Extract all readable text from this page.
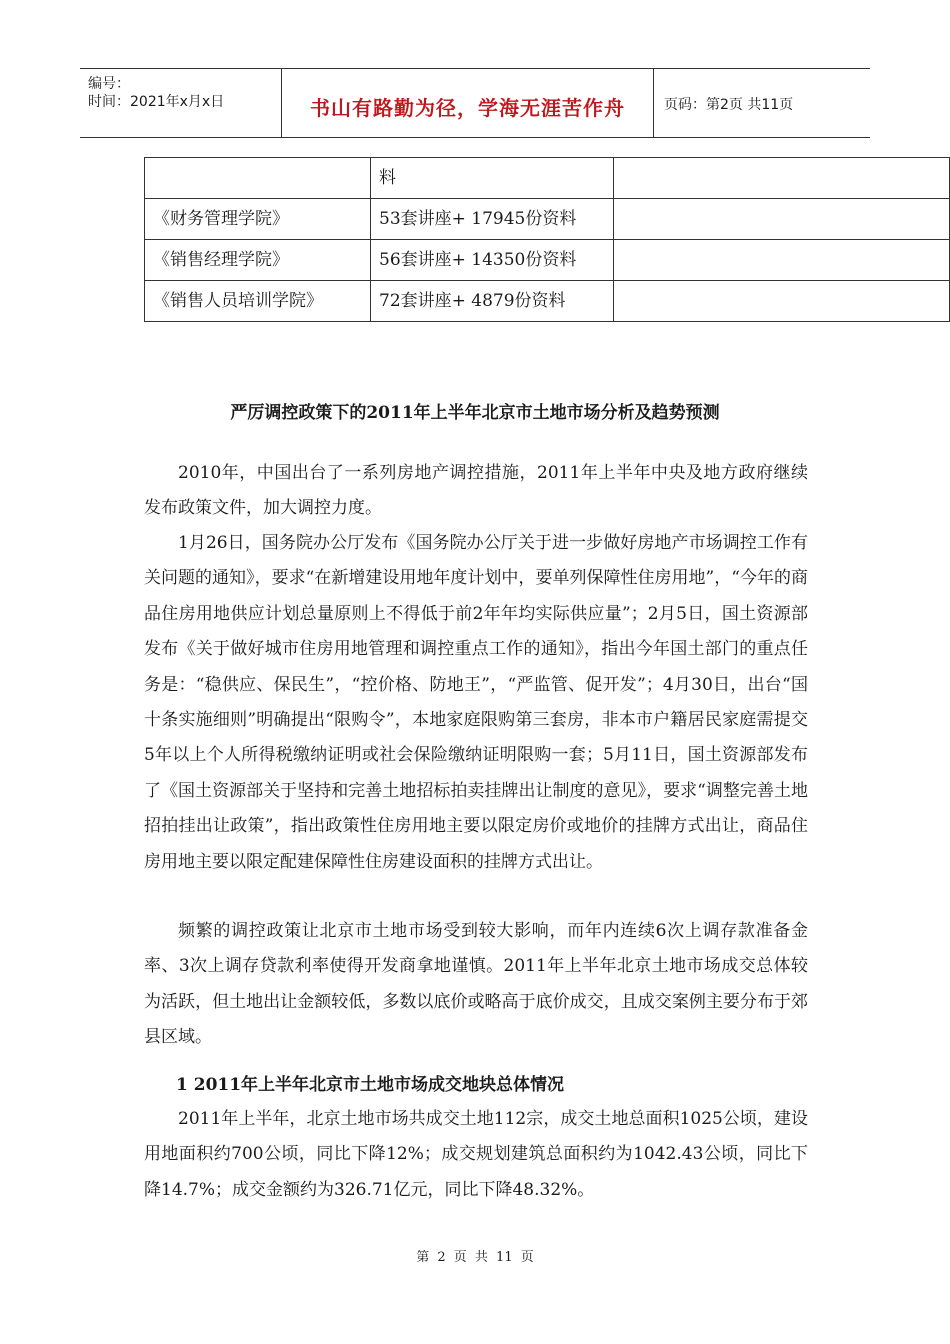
编号：
时间：2021年x月x日	书山有路勤为径，学海无涯苦作舟	页码：第2页 共11页
	料	
《财务管理学院》	53套讲座+ 17945份资料	
《销售经理学院》	56套讲座+ 14350份资料	
《销售人员培训学院》	72套讲座+ 4879份资料	
严厉调控政策下的2011年上半年北京市土地市场分析及趋势预测

2010年，中国出台了一系列房地产调控措施，2011年上半年中央及地方政府继续发布政策文件，加大调控力度。

1月26日，国务院办公厅发布《国务院办公厅关于进一步做好房地产市场调控工作有关问题的通知》，要求“在新增建设用地年度计划中，要单列保障性住房用地”，“今年的商品住房用地供应计划总量原则上不得低于前2年年均实际供应量”；2月5日，国土资源部发布《关于做好城市住房用地管理和调控重点工作的通知》，指出今年国土部门的重点任务是：“稳供应、保民生”，“控价格、防地王”，“严监管、促开发”；4月30日，出台“国十条实施细则”明确提出“限购令”，本地家庭限购第三套房，非本市户籍居民家庭需提交5年以上个人所得税缴纳证明或社会保险缴纳证明限购一套；5月11日，国土资源部发布了《国土资源部关于坚持和完善土地招标拍卖挂牌出让制度的意见》，要求“调整完善土地招拍挂出让政策”，指出政策性住房用地主要以限定房价或地价的挂牌方式出让，商品住房用地主要以限定配建保障性住房建设面积的挂牌方式出让。

频繁的调控政策让北京市土地市场受到较大影响，而年内连续6次上调存款准备金率、3次上调存贷款利率使得开发商拿地谨慎。2011年上半年北京土地市场成交总体较为活跃，但土地出让金额较低，多数以底价或略高于底价成交，且成交案例主要分布于郊县区域。

1 2011年上半年北京市土地市场成交地块总体情况

2011年上半年，北京土地市场共成交土地112宗，成交土地总面积1025公顷，建设用地面积约700公顷，同比下降12%；成交规划建筑总面积约为1042.43公顷，同比下降14.7%；成交金额约为326.71亿元，同比下降48.32%。

第 2 页 共 11 页
